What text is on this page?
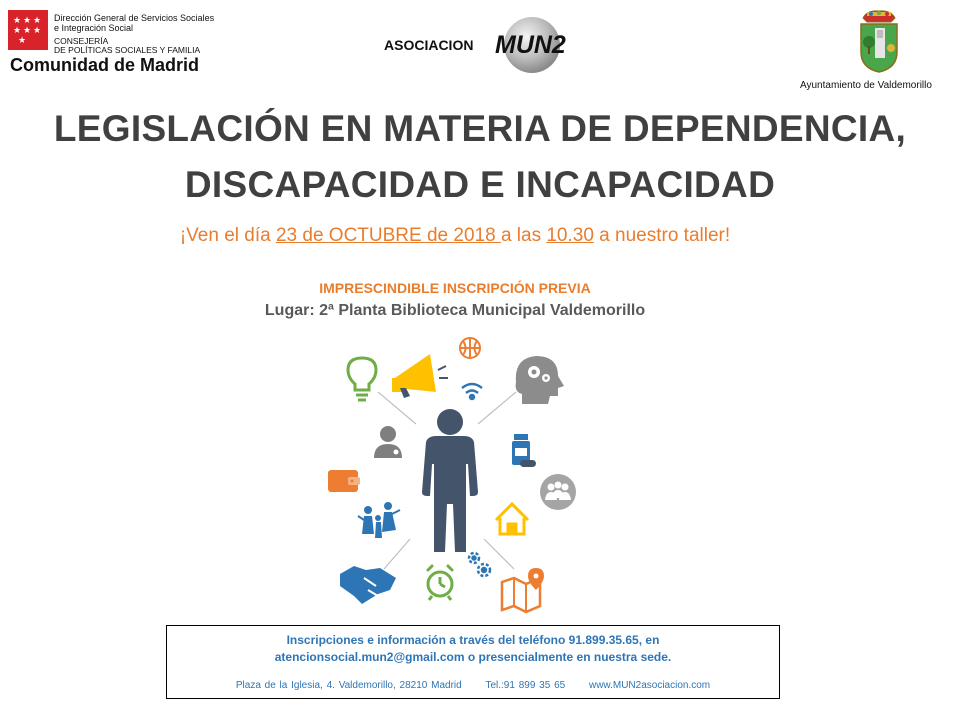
★ ★ ★
★ ★ ★
★
Dirección General de Servicios Sociales
e Integración Social
CONSEJERÍA
DE POLÍTICAS SOCIALES Y FAMILIA
Comunidad de Madrid
ASOCIACION MUN2
Ayuntamiento de Valdemorillo
LEGISLACIÓN EN MATERIA DE DEPENDENCIA,
DISCAPACIDAD E INCAPACIDAD
¡Ven el día 23 de OCTUBRE de 2018 a las 10.30 a nuestro taller!
IMPRESCINDIBLE INSCRIPCIÓN PREVIA
Lugar: 2ª Planta Biblioteca Municipal Valdemorillo
Inscripciones e información a través del teléfono 91.899.35.65, en
atencionsocial.mun2@gmail.com o presencialmente en nuestra sede.
Plaza de la Iglesia, 4. Valdemorillo, 28210 Madrid Tel.:91 899 35 65 www.MUN2asociacion.com
